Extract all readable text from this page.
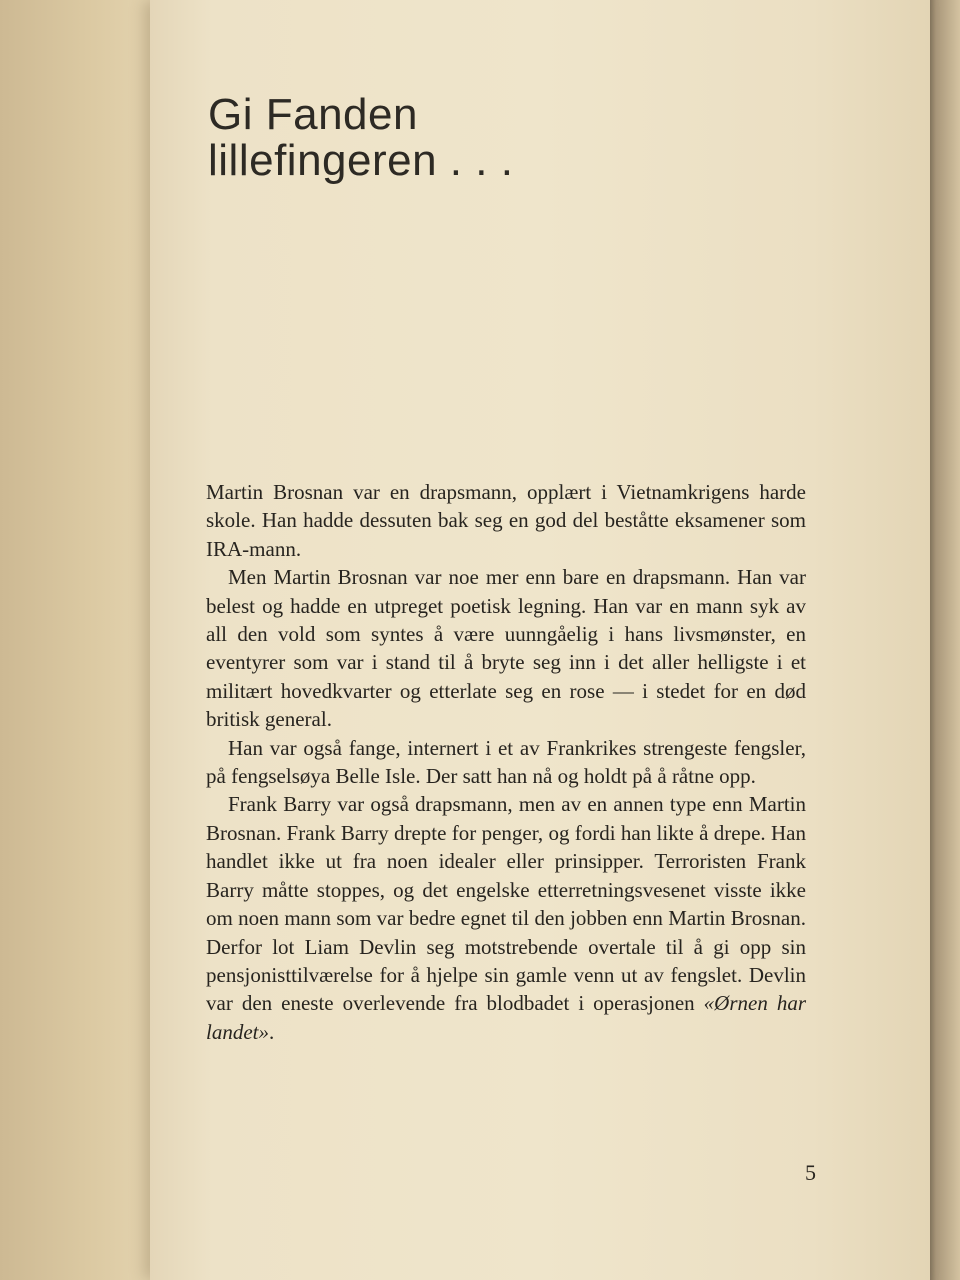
Gi Fanden
lillefingeren . . .

Martin Brosnan var en drapsmann, opplært i Vietnamkrigens harde skole. Han hadde dessuten bak seg en god del beståtte eksamener som IRA-mann.

Men Martin Brosnan var noe mer enn bare en drapsmann. Han var belest og hadde en utpreget poetisk legning. Han var en mann syk av all den vold som syntes å være uunngåelig i hans livsmønster, en eventyrer som var i stand til å bryte seg inn i det aller helligste i et militært hovedkvarter og etterlate seg en rose — i stedet for en død britisk general.

Han var også fange, internert i et av Frankrikes strengeste fengsler, på fengselsøya Belle Isle. Der satt han nå og holdt på å råtne opp.

Frank Barry var også drapsmann, men av en annen type enn Martin Brosnan. Frank Barry drepte for penger, og fordi han likte å drepe. Han handlet ikke ut fra noen idealer eller prinsipper. Terroristen Frank Barry måtte stoppes, og det engelske etterretningsvesenet visste ikke om noen mann som var bedre egnet til den jobben enn Martin Brosnan. Derfor lot Liam Devlin seg motstrebende overtale til å gi opp sin pensjonisttilværelse for å hjelpe sin gamle venn ut av fengslet. Devlin var den eneste overlevende fra blodbadet i operasjonen «Ørnen har landet».

5
